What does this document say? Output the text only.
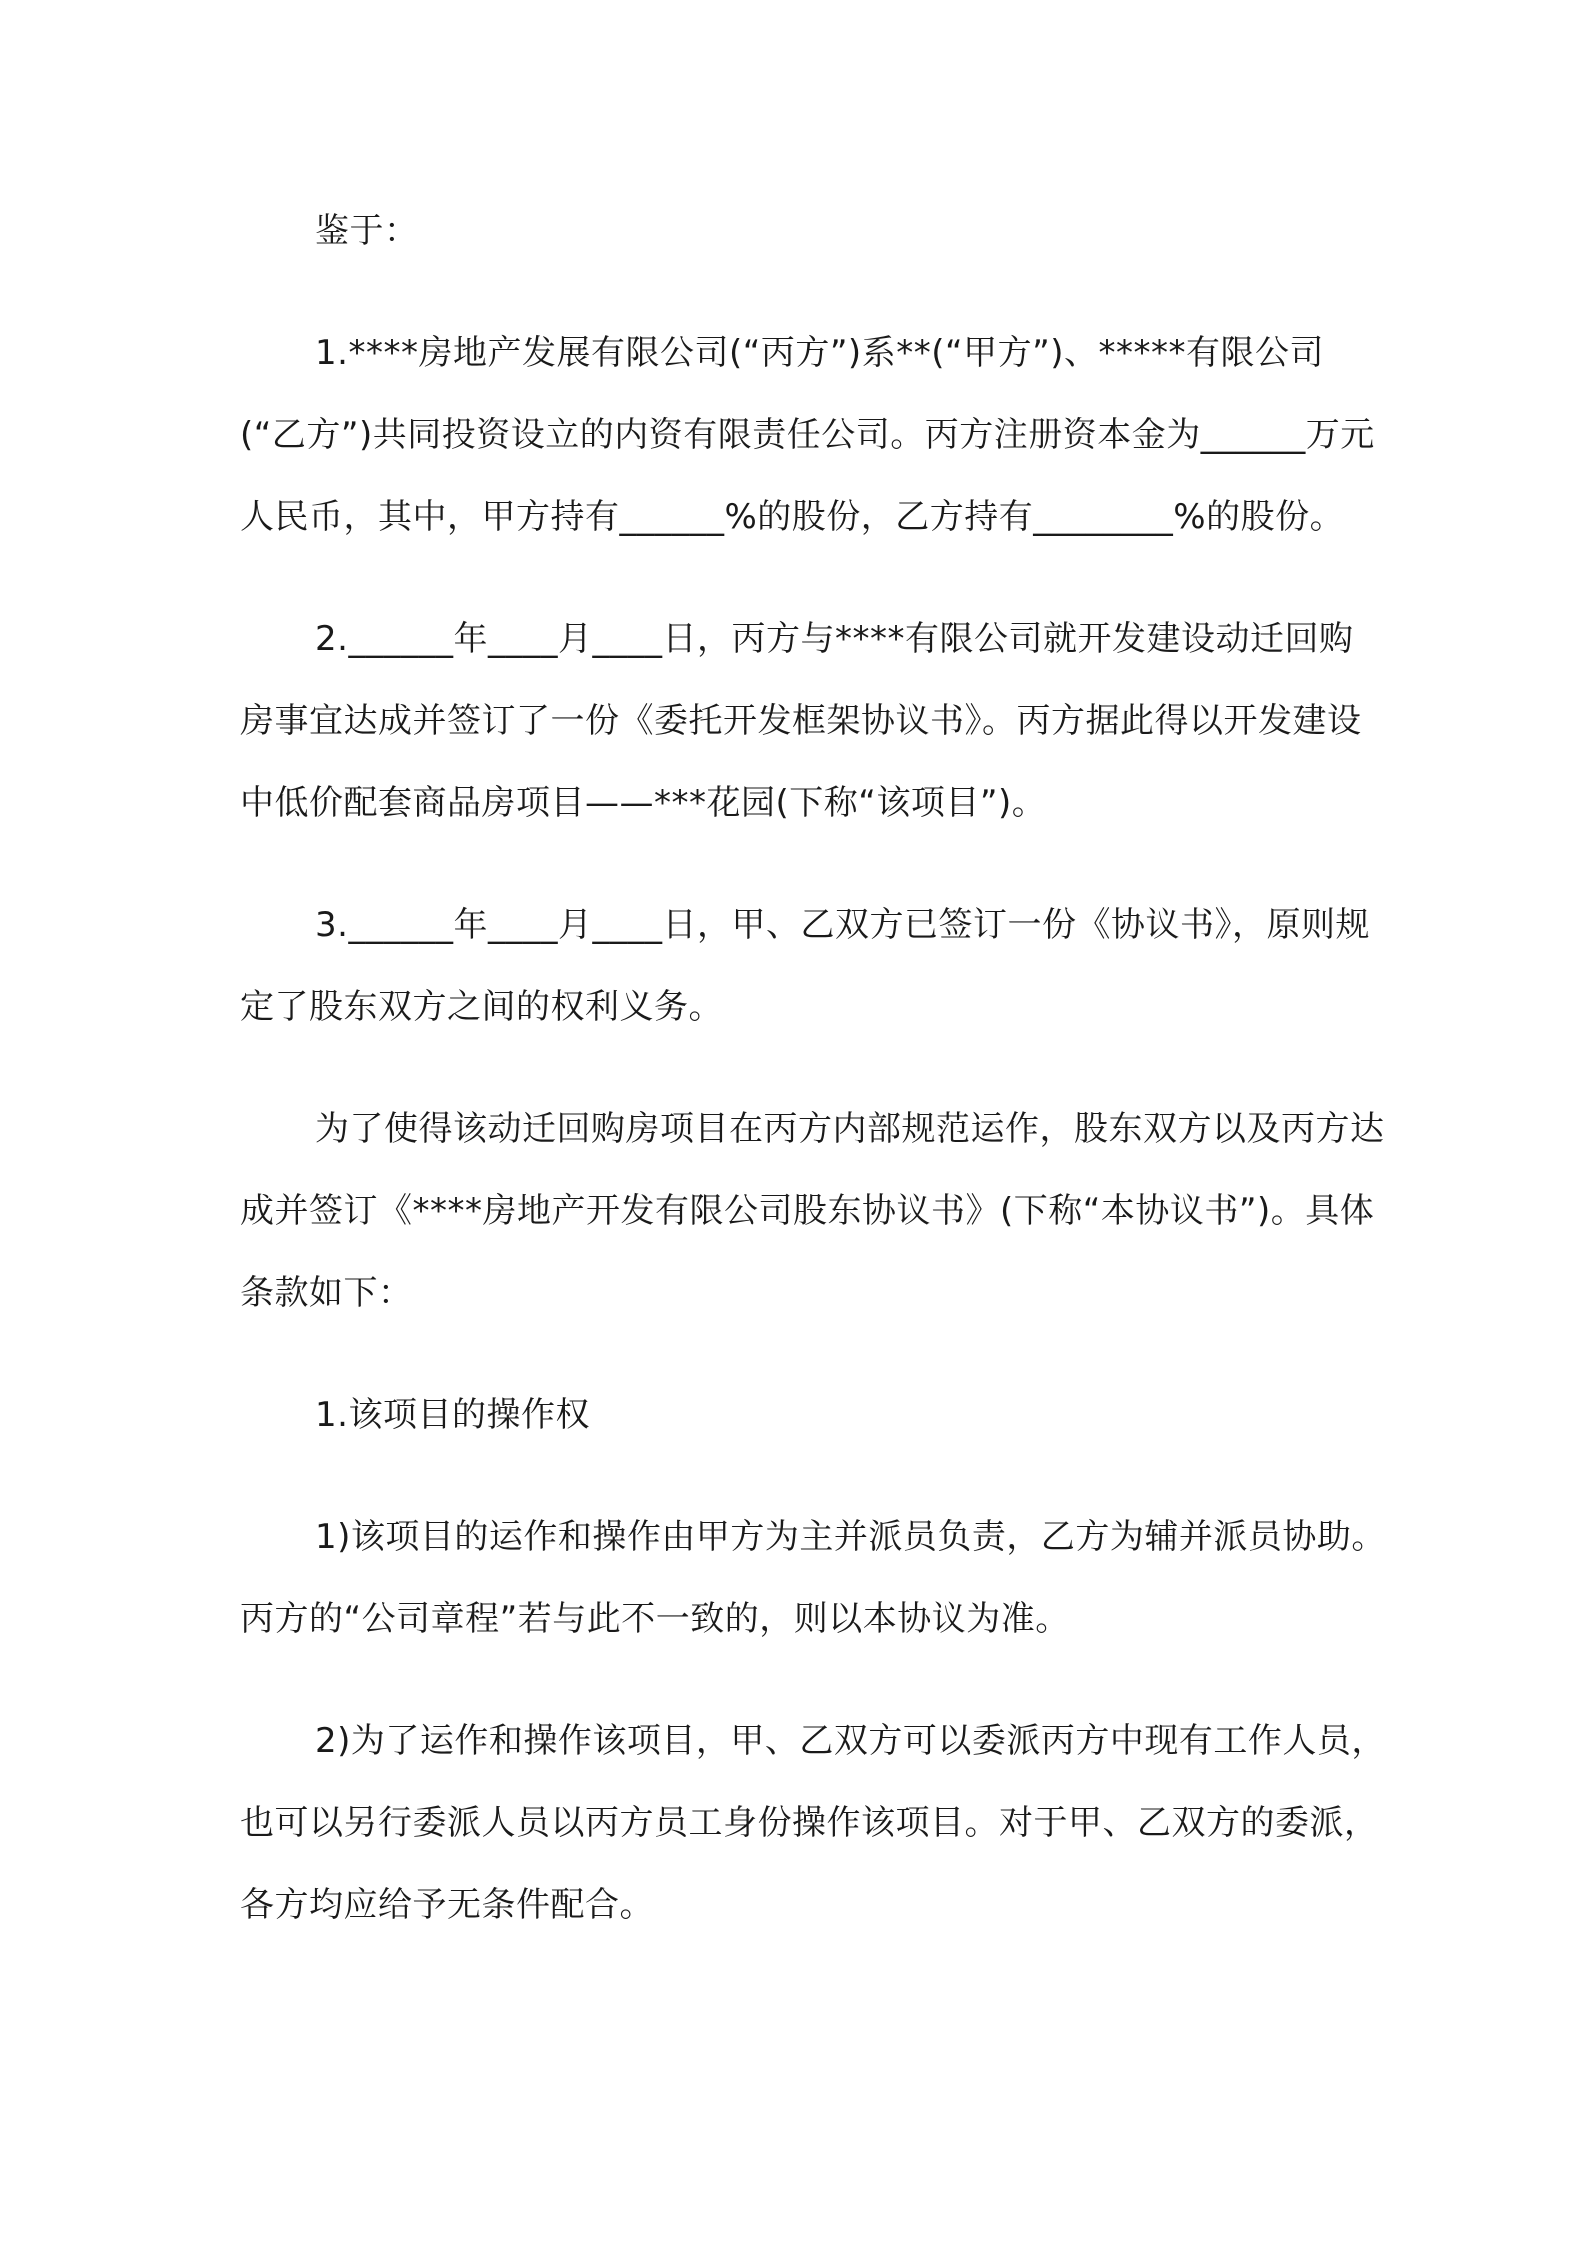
鉴于：

1.****房地产发展有限公司(“丙方”)系**(“甲方”)、*****有限公司(“乙方”)共同投资设立的内资有限责任公司。丙方注册资本金为______万元人民币，其中，甲方持有______%的股份，乙方持有________%的股份。

2.______年____月____日，丙方与****有限公司就开发建设动迁回购房事宜达成并签订了一份《委托开发框架协议书》。丙方据此得以开发建设中低价配套商品房项目——***花园(下称“该项目”)。

3.______年____月____日，甲、乙双方已签订一份《协议书》，原则规定了股东双方之间的权利义务。

为了使得该动迁回购房项目在丙方内部规范运作，股东双方以及丙方达成并签订《****房地产开发有限公司股东协议书》(下称“本协议书”)。具体条款如下：

1.该项目的操作权

1)该项目的运作和操作由甲方为主并派员负责，乙方为辅并派员协助。丙方的“公司章程”若与此不一致的，则以本协议为准。

2)为了运作和操作该项目，甲、乙双方可以委派丙方中现有工作人员，也可以另行委派人员以丙方员工身份操作该项目。对于甲、乙双方的委派，各方均应给予无条件配合。
